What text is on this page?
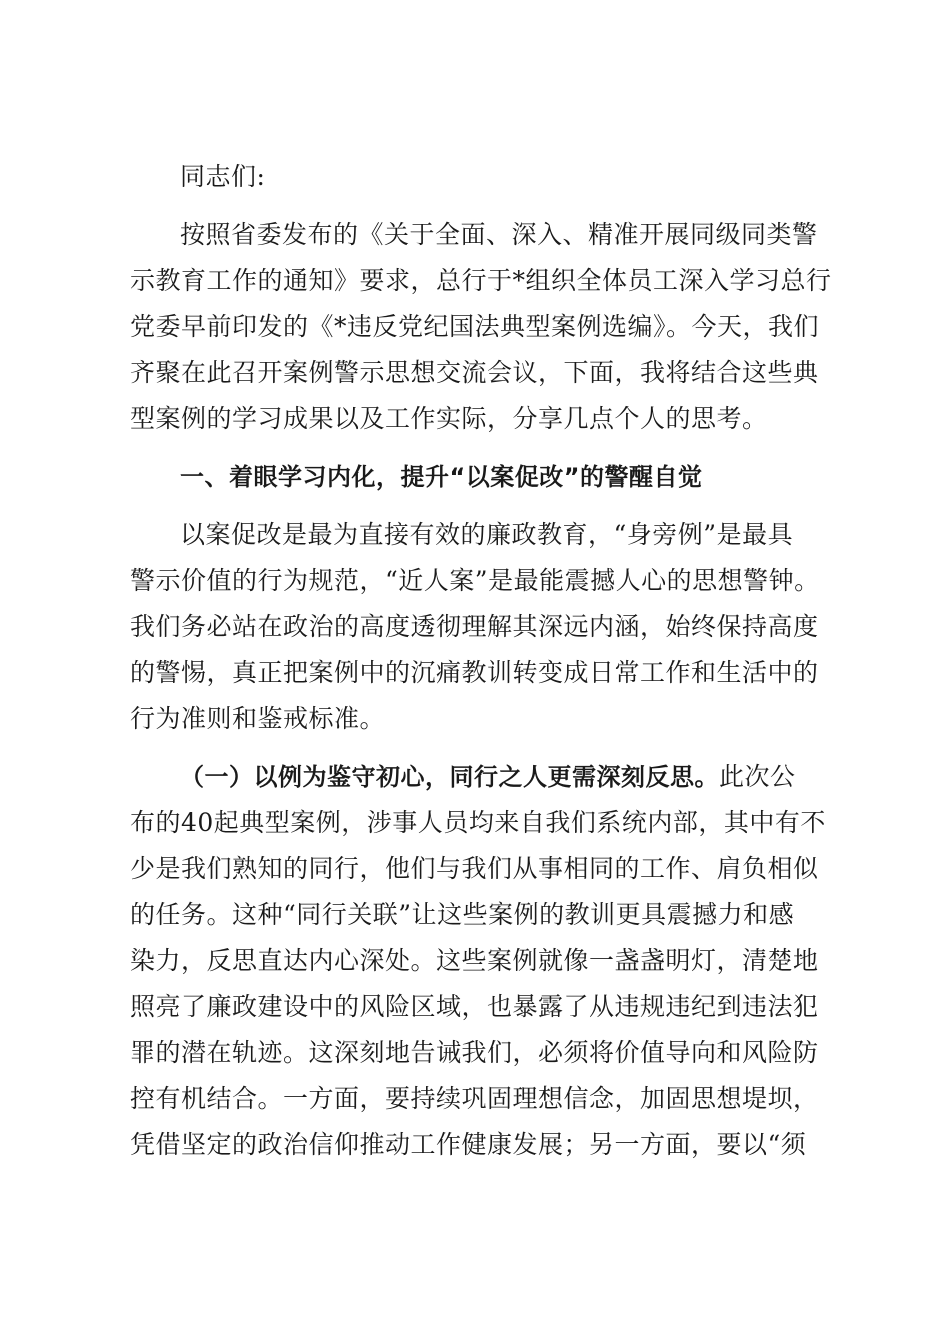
同志们:
按照省委发布的《关于全面、深入、精准开展同级同类警
示教育工作的通知》要求，总行于*组织全体员工深入学习总行
党委早前印发的《*违反党纪国法典型案例选编》。今天，我们
齐聚在此召开案例警示思想交流会议，下面，我将结合这些典
型案例的学习成果以及工作实际，分享几点个人的思考。
一、着眼学习内化，提升“以案促改”的警醒自觉
以案促改是最为直接有效的廉政教育，“身旁例”是最具
警示价值的行为规范，“近人案”是最能震撼人心的思想警钟。
我们务必站在政治的高度透彻理解其深远内涵，始终保持高度
的警惕，真正把案例中的沉痛教训转变成日常工作和生活中的
行为准则和鉴戒标准。
（一）以例为鉴守初心，同行之人更需深刻反思。此次公
布的40起典型案例，涉事人员均来自我们系统内部，其中有不
少是我们熟知的同行，他们与我们从事相同的工作、肩负相似
的任务。这种“同行关联”让这些案例的教训更具震撼力和感
染力，反思直达内心深处。这些案例就像一盏盏明灯，清楚地
照亮了廉政建设中的风险区域，也暴露了从违规违纪到违法犯
罪的潜在轨迹。这深刻地告诫我们，必须将价值导向和风险防
控有机结合。一方面，要持续巩固理想信念，加固思想堤坝，
凭借坚定的政治信仰推动工作健康发展；另一方面，要以“须
